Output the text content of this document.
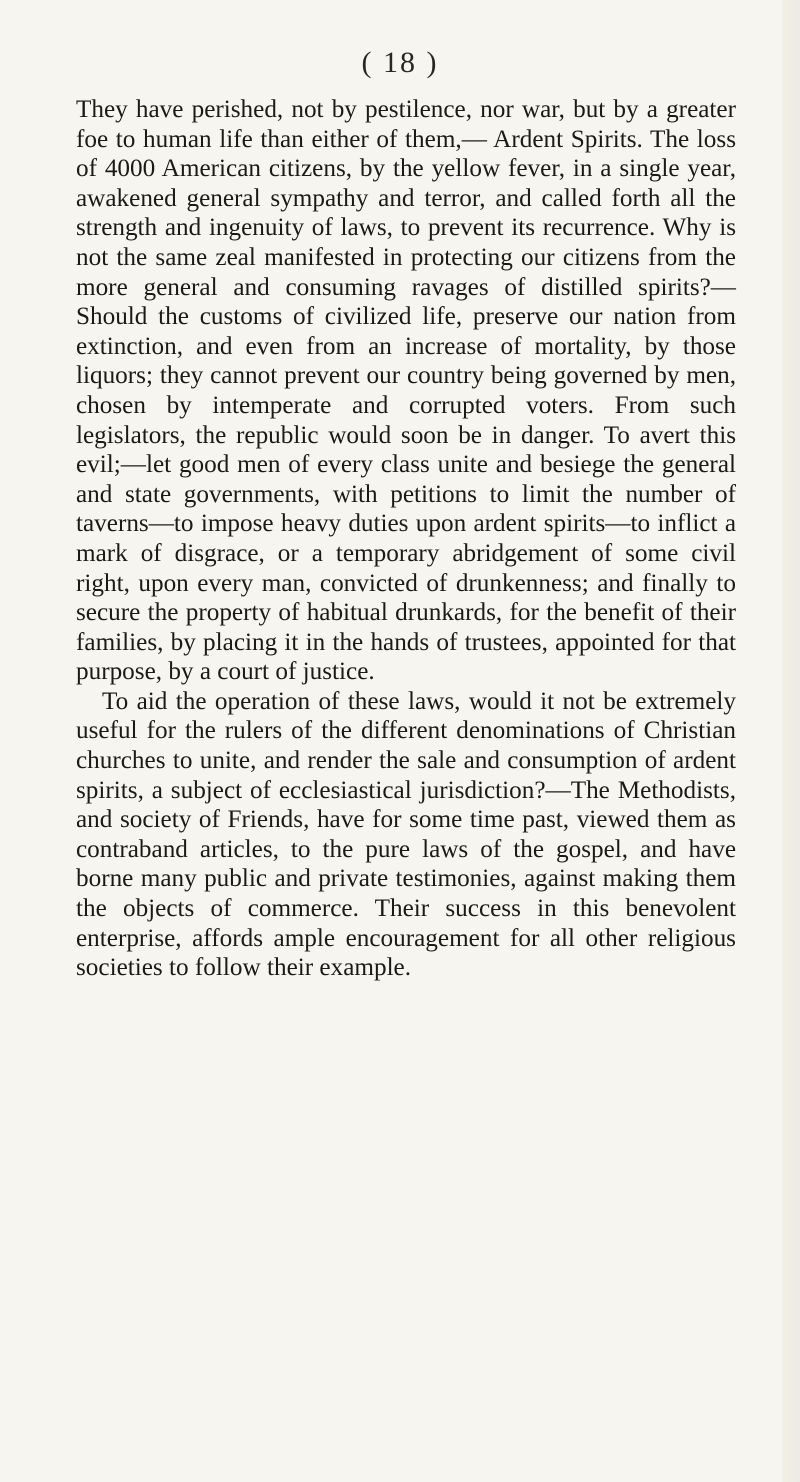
( 18 )

They have perished, not by pestilence, nor war, but by a greater foe to human life than either of them,— Ardent Spirits. The loss of 4000 American citizens, by the yellow fever, in a single year, awakened general sympathy and terror, and called forth all the strength and ingenuity of laws, to prevent its recurrence. Why is not the same zeal manifested in protecting our citizens from the more general and consuming ravages of distilled spirits?—Should the customs of civilized life, preserve our nation from extinction, and even from an increase of mortality, by those liquors; they cannot prevent our country being governed by men, chosen by intemperate and corrupted voters. From such legislators, the republic would soon be in danger. To avert this evil;—let good men of every class unite and besiege the general and state governments, with petitions to limit the number of taverns—to impose heavy duties upon ardent spirits—to inflict a mark of disgrace, or a temporary abridgement of some civil right, upon every man, convicted of drunkenness; and finally to secure the property of habitual drunkards, for the benefit of their families, by placing it in the hands of trustees, appointed for that purpose, by a court of justice.

To aid the operation of these laws, would it not be extremely useful for the rulers of the different denominations of Christian churches to unite, and render the sale and consumption of ardent spirits, a subject of ecclesiastical jurisdiction?—The Methodists, and society of Friends, have for some time past, viewed them as contraband articles, to the pure laws of the gospel, and have borne many public and private testimonies, against making them the objects of commerce. Their success in this benevolent enterprise, affords ample encouragement for all other religious societies to follow their example.
